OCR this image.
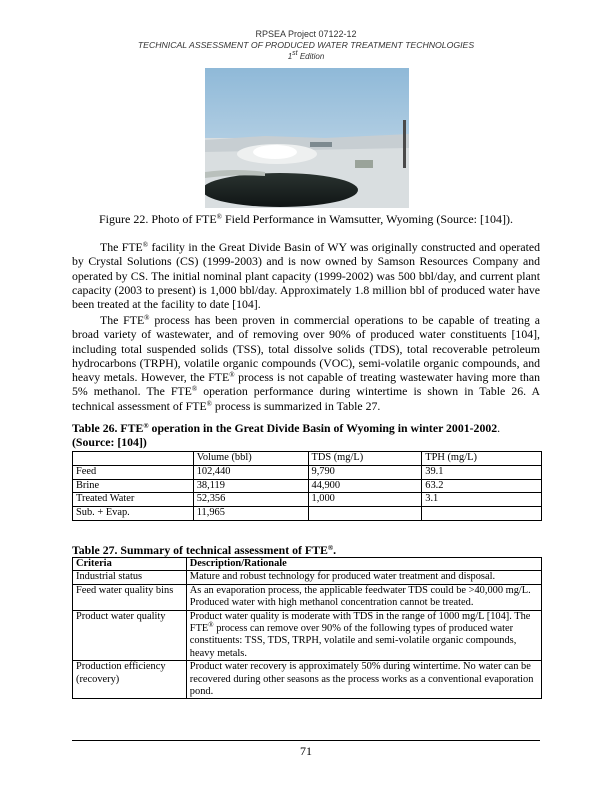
RPSEA Project 07122-12
TECHNICAL ASSESSMENT OF PRODUCED WATER TREATMENT TECHNOLOGIES
1st Edition
Figure 22. Photo of FTE® Field Performance in Wamsutter, Wyoming (Source: [104]).

The FTE® facility in the Great Divide Basin of WY was originally constructed and operated by Crystal Solutions (CS) (1999-2003) and is now owned by Samson Resources Company and operated by CS. The initial nominal plant capacity (1999-2002) was 500 bbl/day, and current plant capacity (2003 to present) is 1,000 bbl/day. Approximately 1.8 million bbl of produced water have been treated at the facility to date [104].

The FTE® process has been proven in commercial operations to be capable of treating a broad variety of wastewater, and of removing over 90% of produced water constituents [104], including total suspended solids (TSS), total dissolve solids (TDS), total recoverable petroleum hydrocarbons (TRPH), volatile organic compounds (VOC), semi-volatile organic compounds, and heavy metals. However, the FTE® process is not capable of treating wastewater having more than 5% methanol. The FTE® operation performance during wintertime is shown in Table 26. A technical assessment of FTE® process is summarized in Table 27.

Table 26. FTE® operation in the Great Divide Basin of Wyoming in winter 2001-2002.
(Source: [104])
	Volume (bbl)	TDS (mg/L)	TPH (mg/L)
Feed	102,440	9,790	39.1
Brine	38,119	44,900	63.2
Treated Water	52,356	1,000	3.1
Sub. + Evap.	11,965		
Table 27. Summary of technical assessment of FTE®.
Criteria	Description/Rationale
Industrial status	Mature and robust technology for produced water treatment and disposal.
Feed water quality bins	As an evaporation process, the applicable feedwater TDS could be >40,000 mg/L. Produced water with high methanol concentration cannot be treated.
Product water quality	Product water quality is moderate with TDS in the range of 1000 mg/L [104]. The FTE® process can remove over 90% of the following types of produced water constituents: TSS, TDS, TRPH, volatile and semi-volatile organic compounds, heavy metals.
Production efficiency (recovery)	Product water recovery is approximately 50% during wintertime. No water can be recovered during other seasons as the process works as a conventional evaporation pond.
71
